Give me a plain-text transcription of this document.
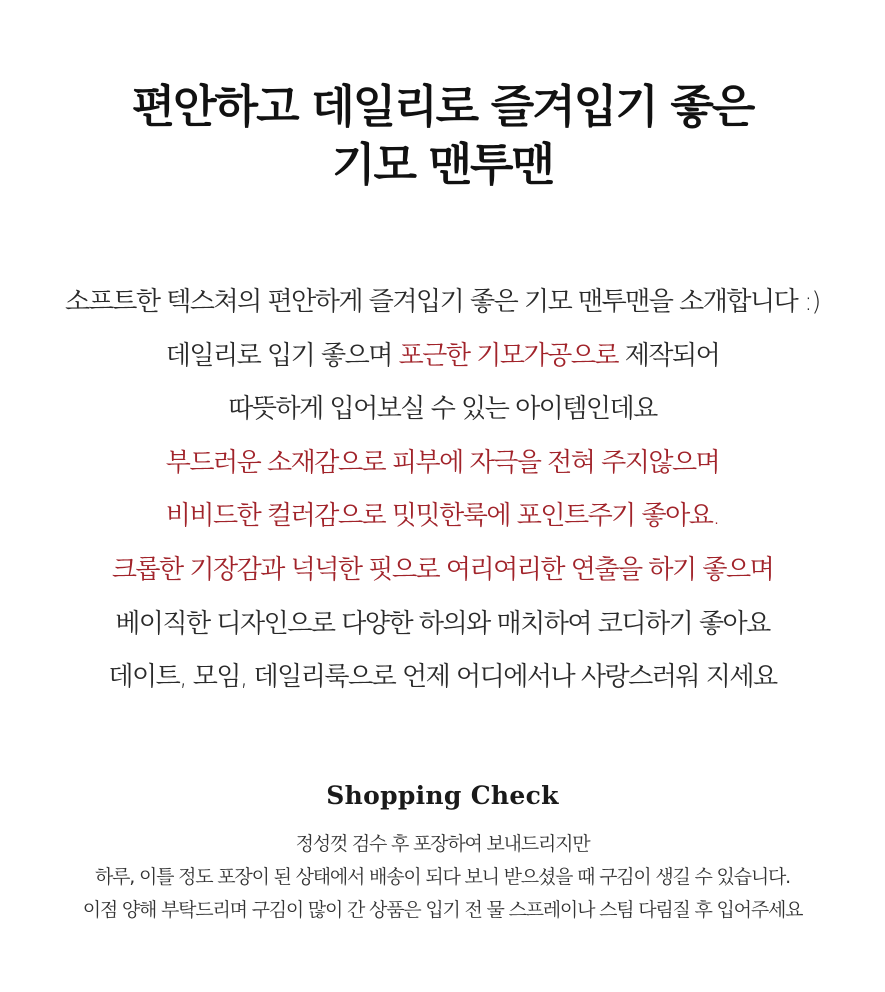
편안하고 데일리로 즐겨입기 좋은
기모 맨투맨
소프트한 텍스쳐의 편안하게 즐겨입기 좋은 기모 맨투맨을 소개합니다 :)
데일리로 입기 좋으며 포근한 기모가공으로 제작되어
따뜻하게 입어보실 수 있는 아이템인데요
부드러운 소재감으로 피부에 자극을 전혀 주지않으며
비비드한 컬러감으로 밋밋한룩에 포인트주기 좋아요.
크롭한 기장감과 넉넉한 핏으로 여리여리한 연출을 하기 좋으며
베이직한 디자인으로 다양한 하의와 매치하여 코디하기 좋아요
데이트, 모임, 데일리룩으로 언제 어디에서나 사랑스러워 지세요
Shopping Check
정성껏 검수 후 포장하여 보내드리지만
하루, 이틀 정도 포장이 된 상태에서 배송이 되다 보니 받으셨을 때 구김이 생길 수 있습니다.
이점 양해 부탁드리며 구김이 많이 간 상품은 입기 전 물 스프레이나 스팀 다림질 후 입어주세요
